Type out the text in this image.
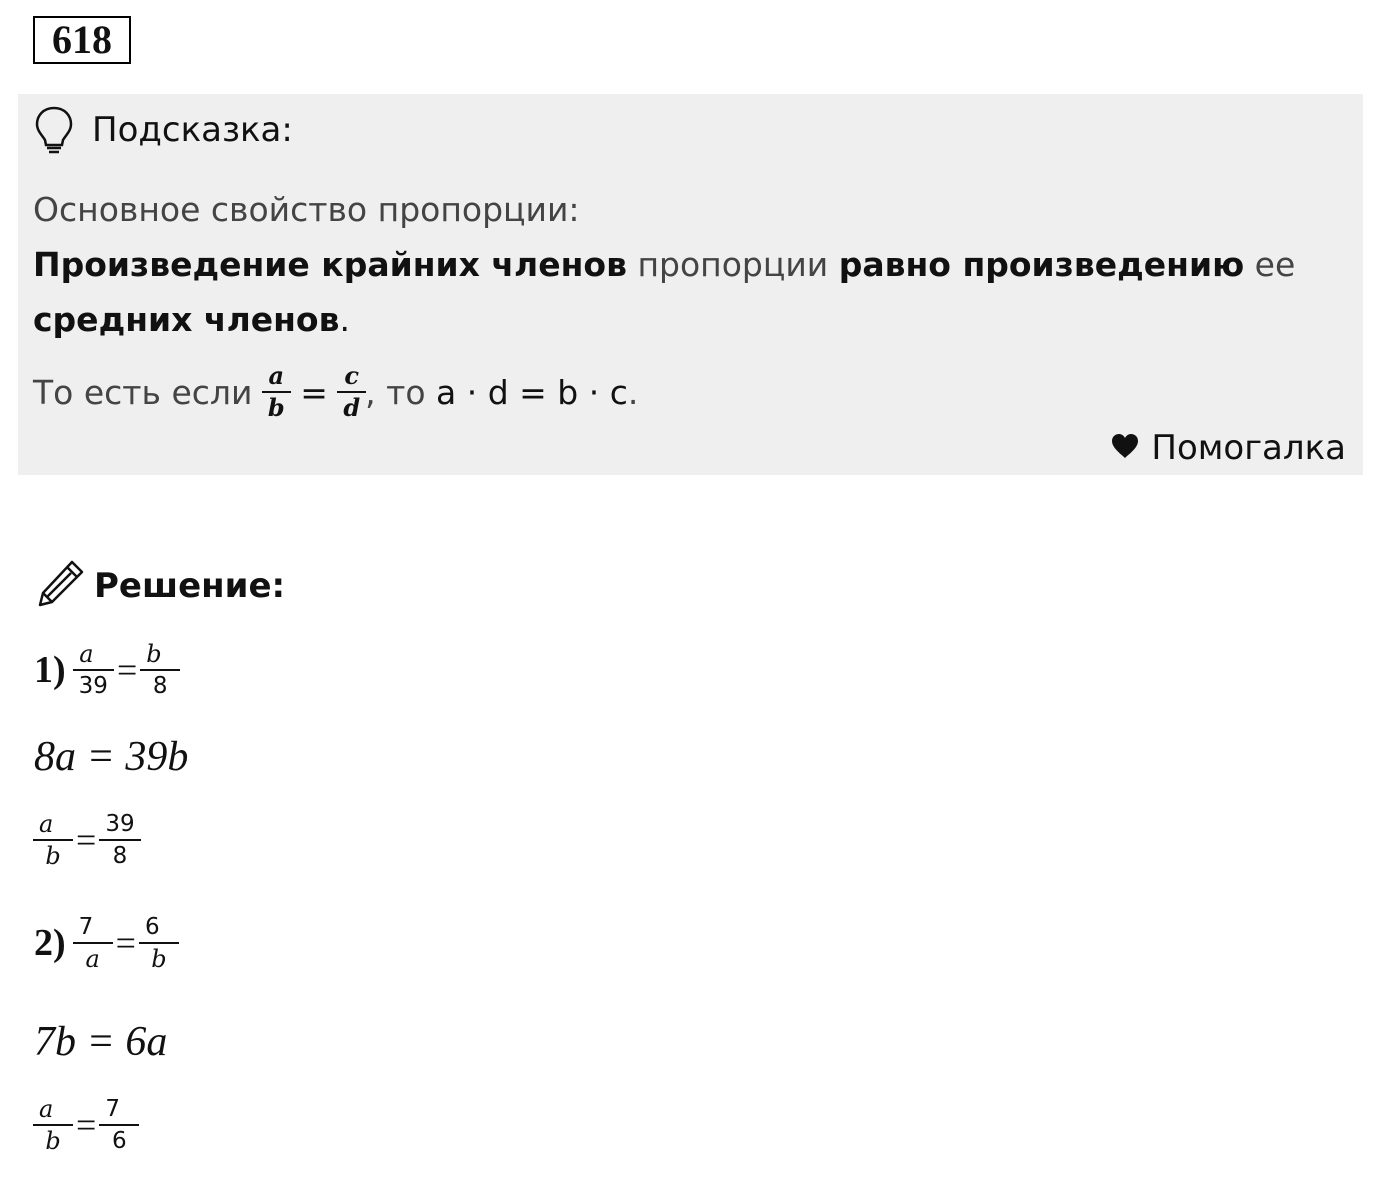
618
Подсказка:
Основное свойство пропорции:
Произведение крайних членов пропорции равно произведению ее
средних членов.
То есть если $\frac{a}{b} = \frac{c}{d}$ , то a · d = b · c .
Помогалка
Решение:
$1) \frac{a}{39} = \frac{b}{8}$
8a = 39b
$\frac{a}{b} = \frac{39}{8}$
$2) \frac{7}{a} = \frac{6}{b}$
7b = 6a
$\frac{a}{b} = \frac{7}{6}$
